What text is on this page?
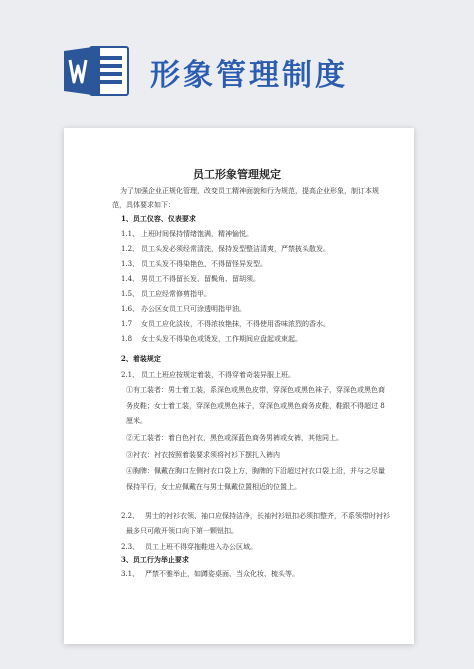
形象管理制度
员工形象管理规定
为了加强企业正规化管理，改变员工精神面貌和行为规范，提高企业形象，制订本规
范，具体要求如下：
1、员工仪容、仪表要求
1.1、 上班时间保持情绪饱满，精神愉悦。
1.2、 员工头发必须经常清洗，保持发型整洁清爽，严禁披头散发。
1.3、 员工头发不得染艳色，不得留怪异发型。
1.4、 男员工不得留长发、留鬓角、留胡须。
1.5、 员工应经常修剪指甲。
1.6、 办公区女员工只可涂透明指甲油。
1.7 女员工应化淡妆，不得浓妆艳抹，不得使用香味浓烈的香水。
1.8 女士头发不得染色或烫发，工作期间应盘起或束起。
2、着装规定
2.1、 员工上班应按规定着装，不得穿着奇装异服上班。
①有工装者：男士着工装，系深色或黑色皮带，穿深色或黑色袜子，穿深色或黑色商
务皮鞋；女士着工装，穿深色或黑色袜子，穿深色或黑色商务皮鞋，鞋跟不得超过 8
厘米。
②无工装者：着白色衬衣，黑色或深蓝色商务男裤或女裤，其他同上。
③衬衣：衬衣按照着装要求须将衬衫下摆扎入裤内
④胸牌：佩戴在胸口左侧衬衣口袋上方，胸牌的下沿超过衬衣口袋上沿，并与之尽量
保持平行，女士应佩戴在与男士佩戴位置相近的位置上。
2.2、 男士的衬衫衣领、袖口应保持洁净，长袖衬衫钮扣必须扣整齐，不系领带时衬衫
最多只可敞开领口向下第一颗钮扣。
2.3、 员工上班不得穿拖鞋进入办公区域。
3、员工行为举止要求
3.1、 严禁不雅举止，如蹲姿桌面、当众化妆、梳头等。
